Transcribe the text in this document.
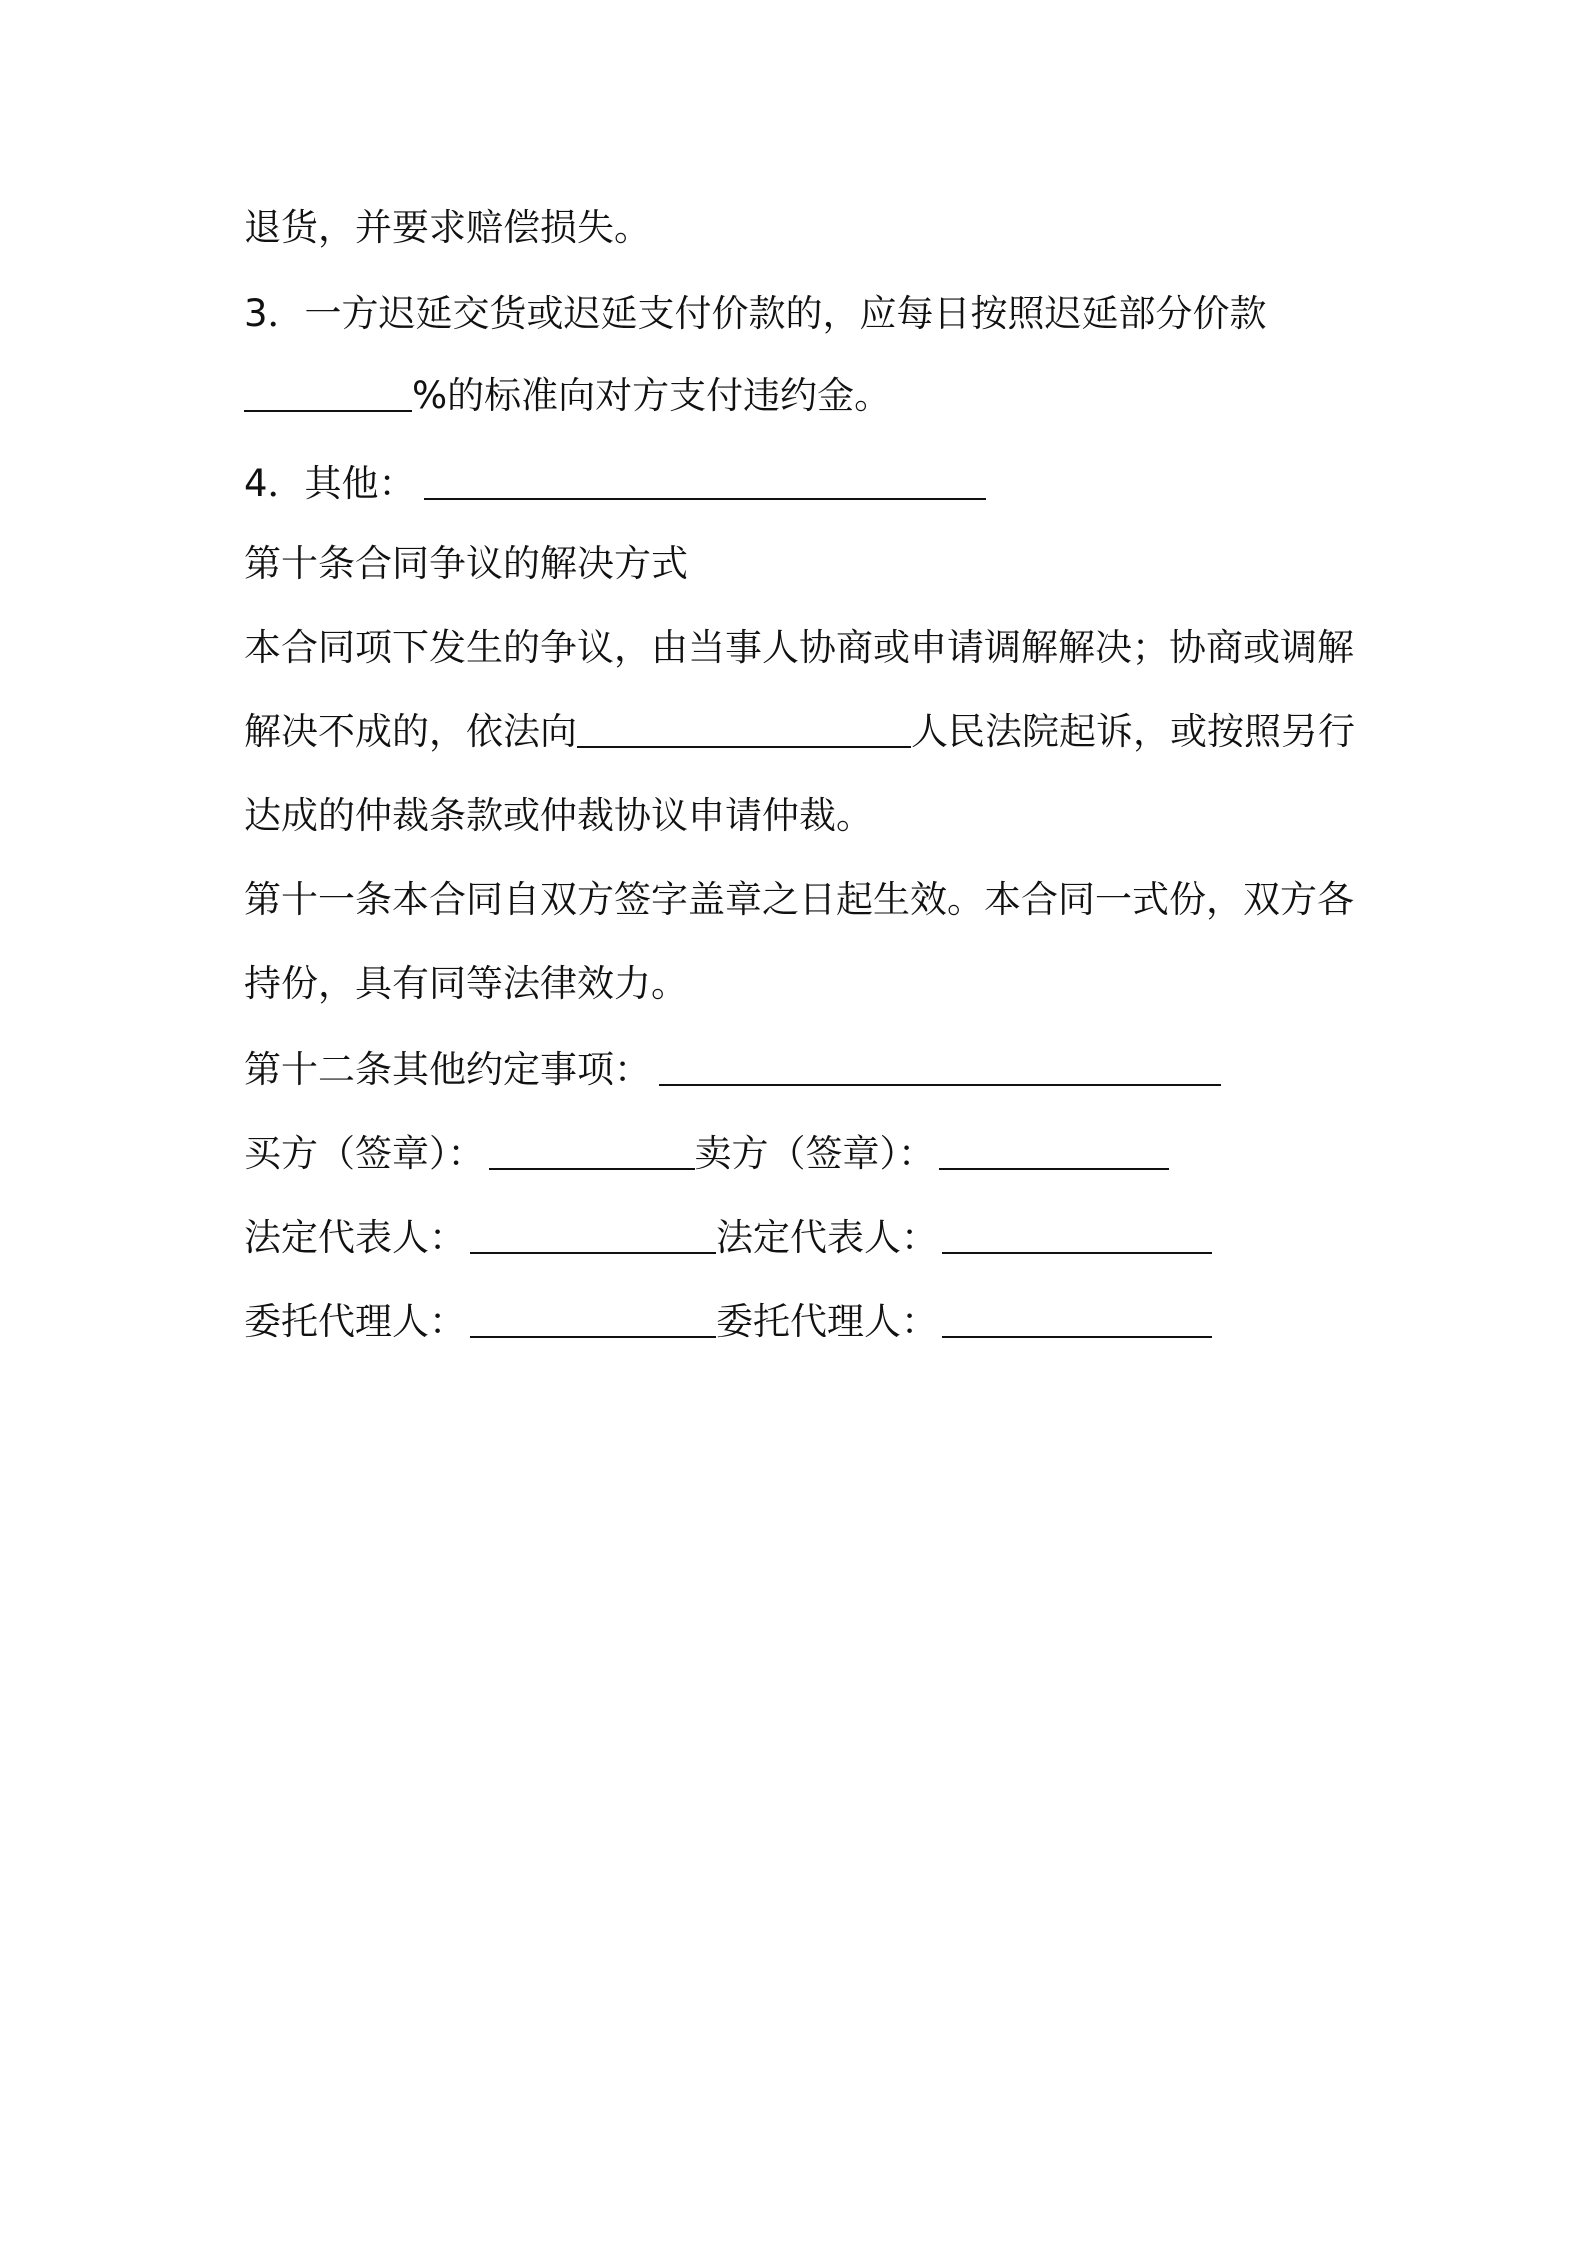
退货，并要求赔偿损失。
3．一方迟延交货或迟延支付价款的，应每日按照迟延部分价款
%的标准向对方支付违约金。
4．其他：
第十条合同争议的解决方式
本合同项下发生的争议，由当事人协商或申请调解解决；协商或调解
解决不成的，依法向	人民法院起诉，或按照另行
达成的仲裁条款或仲裁协议申请仲裁。
第十一条本合同自双方签字盖章之日起生效。本合同一式份，双方各
持份，具有同等法律效力。
第十二条其他约定事项：
买方（签章）：	卖方（签章）：
法定代表人：	法定代表人：
委托代理人：	委托代理人：
